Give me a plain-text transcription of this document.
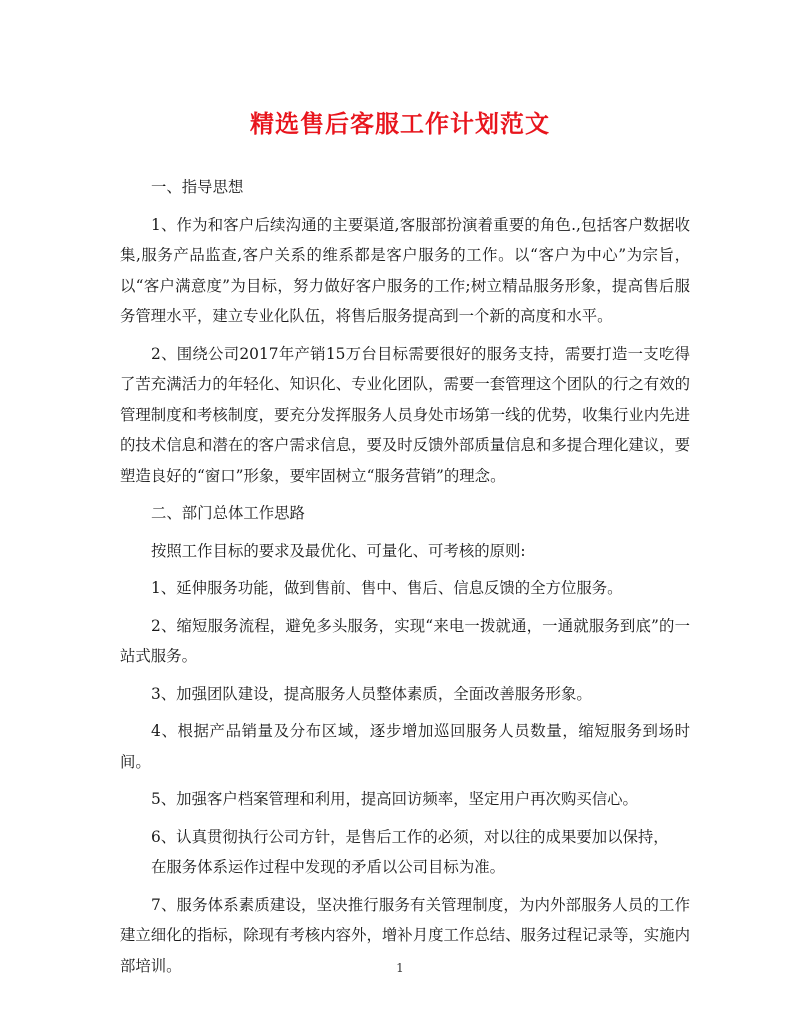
精选售后客服工作计划范文

一、指导思想

1、作为和客户后续沟通的主要渠道,客服部扮演着重要的角色.,包括客户数据收集,服务产品监查,客户关系的维系都是客户服务的工作。以“客户为中心”为宗旨，以“客户满意度”为目标，努力做好客户服务的工作;树立精品服务形象，提高售后服务管理水平，建立专业化队伍，将售后服务提高到一个新的高度和水平。

2、围绕公司2017年产销15万台目标需要很好的服务支持，需要打造一支吃得了苦充满活力的年轻化、知识化、专业化团队，需要一套管理这个团队的行之有效的管理制度和考核制度，要充分发挥服务人员身处市场第一线的优势，收集行业内先进的技术信息和潜在的客户需求信息，要及时反馈外部质量信息和多提合理化建议，要塑造良好的“窗口”形象，要牢固树立“服务营销”的理念。

二、部门总体工作思路

按照工作目标的要求及最优化、可量化、可考核的原则:

1、延伸服务功能，做到售前、售中、售后、信息反馈的全方位服务。

2、缩短服务流程，避免多头服务，实现“来电一拨就通，一通就服务到底”的一站式服务。

3、加强团队建设，提高服务人员整体素质，全面改善服务形象。

4、根据产品销量及分布区域，逐步增加巡回服务人员数量，缩短服务到场时间。

5、加强客户档案管理和利用，提高回访频率，坚定用户再次购买信心。

6、认真贯彻执行公司方针，是售后工作的必须，对以往的成果要加以保持，
在服务体系运作过程中发现的矛盾以公司目标为准。

7、服务体系素质建设，坚决推行服务有关管理制度，为内外部服务人员的工作建立细化的指标，除现有考核内容外，增补月度工作总结、服务过程记录等，实施内部培训。	1
